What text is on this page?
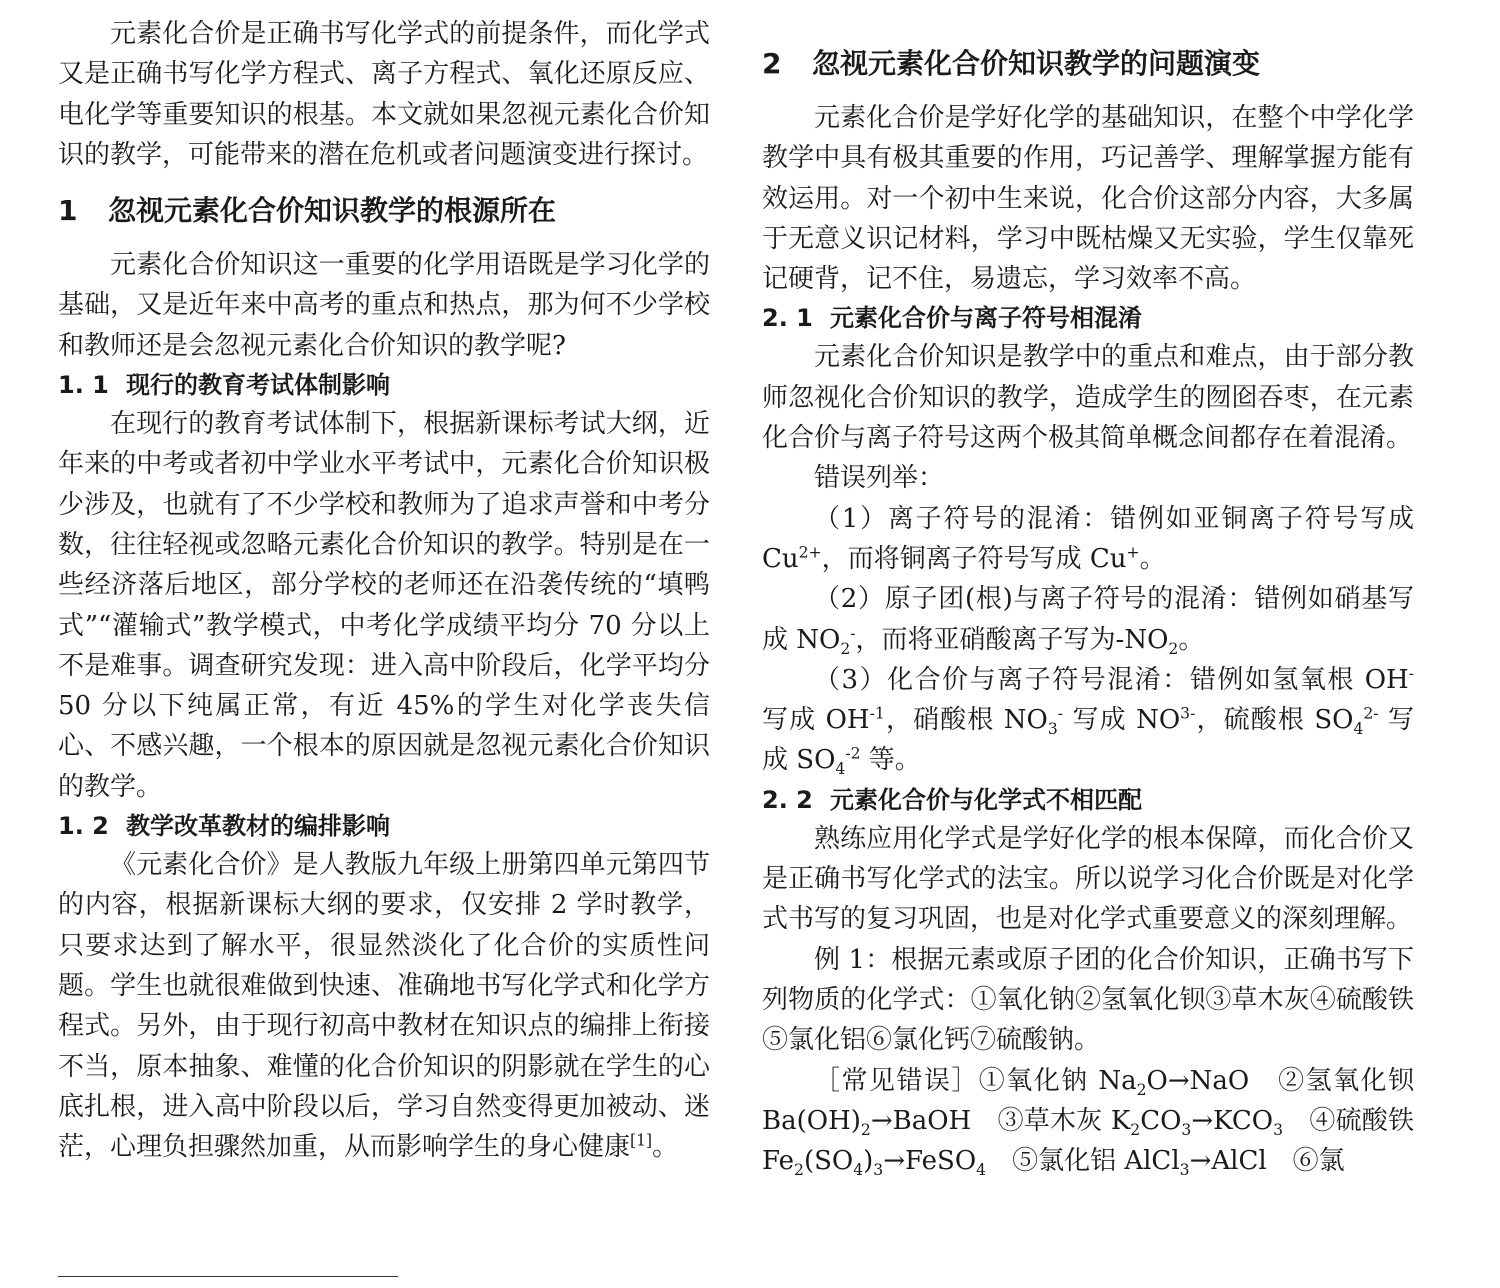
元素化合价是正确书写化学式的前提条件，而化学式又是正确书写化学方程式、离子方程式、氧化还原反应、电化学等重要知识的根基。本文就如果忽视元素化合价知识的教学，可能带来的潜在危机或者问题演变进行探讨。

1 忽视元素化合价知识教学的根源所在

元素化合价知识这一重要的化学用语既是学习化学的基础，又是近年来中高考的重点和热点，那为何不少学校和教师还是会忽视元素化合价知识的教学呢?

1. 1 现行的教育考试体制影响

在现行的教育考试体制下，根据新课标考试大纲，近年来的中考或者初中学业水平考试中，元素化合价知识极少涉及，也就有了不少学校和教师为了追求声誉和中考分数，往往轻视或忽略元素化合价知识的教学。特别是在一些经济落后地区，部分学校的老师还在沿袭传统的“填鸭式”“灌输式”教学模式，中考化学成绩平均分 70 分以上不是难事。调查研究发现：进入高中阶段后，化学平均分 50 分以下纯属正常，有近 45%的学生对化学丧失信心、不感兴趣，一个根本的原因就是忽视元素化合价知识的教学。

1. 2 教学改革教材的编排影响

《元素化合价》是人教版九年级上册第四单元第四节的内容，根据新课标大纲的要求，仅安排 2 学时教学，只要求达到了解水平，很显然淡化了化合价的实质性问题。学生也就很难做到快速、准确地书写化学式和化学方程式。另外，由于现行初高中教材在知识点的编排上衔接不当，原本抽象、难懂的化合价知识的阴影就在学生的心底扎根，进入高中阶段以后，学习自然变得更加被动、迷茫，心理负担骤然加重，从而影响学生的身心健康[1]。

2 忽视元素化合价知识教学的问题演变

元素化合价是学好化学的基础知识，在整个中学化学教学中具有极其重要的作用，巧记善学、理解掌握方能有效运用。对一个初中生来说，化合价这部分内容，大多属于无意义识记材料，学习中既枯燥又无实验，学生仅靠死记硬背，记不住，易遗忘，学习效率不高。

2. 1 元素化合价与离子符号相混淆

元素化合价知识是教学中的重点和难点，由于部分教师忽视化合价知识的教学，造成学生的囫囵吞枣，在元素化合价与离子符号这两个极其简单概念间都存在着混淆。

错误列举：

（1）离子符号的混淆：错例如亚铜离子符号写成 $Cu^{2+}$，而将铜离子符号写成 Cu+。

（2）原子团(根)与离子符号的混淆：错例如硝基写成 $NO_2^-$，而将亚硝酸离子写为$-NO_2$。

（3）化合价与离子符号混淆：错例如氢氧根 OH- 写成 $OH^{-1}$，硝酸根 $NO_3^-$ 写成 $NO^{3-}$，硫酸根 $SO_4^{2-}$ 写成 $SO_4^{-2}$ 等。

2. 2 元素化合价与化学式不相匹配

熟练应用化学式是学好化学的根本保障，而化合价又是正确书写化学式的法宝。所以说学习化合价既是对化学式书写的复习巩固，也是对化学式重要意义的深刻理解。

例 1：根据元素或原子团的化合价知识，正确书写下列物质的化学式：①氧化钠②氢氧化钡③草木灰④硫酸铁⑤氯化铝⑥氯化钙⑦硫酸钠。

［常见错误］①氧化钠 $Na_2O\to NaO$　②氢氧化钡 $Ba(OH)_2\to BaOH$　③草木灰 $K_2CO_3\to KCO_3$　④硫酸铁 $Fe_2(SO_4)_3\to FeSO_4$　⑤氯化铝 AlCl$_3$→AlCl　⑥氯
